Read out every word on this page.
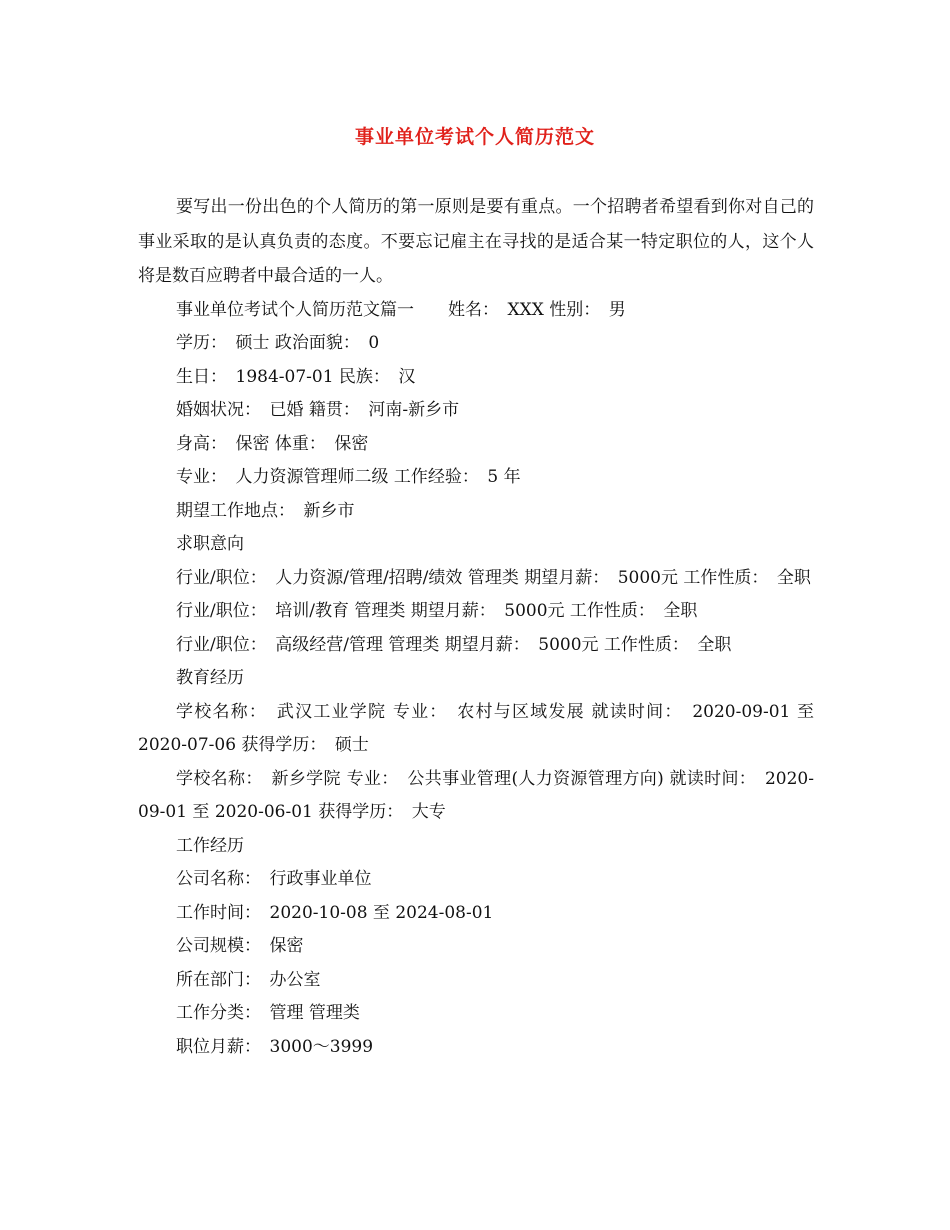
事业单位考试个人简历范文

要写出一份出色的个人简历的第一原则是要有重点。一个招聘者希望看到你对自己的事业采取的是认真负责的态度。不要忘记雇主在寻找的是适合某一特定职位的人，这个人将是数百应聘者中最合适的一人。

事业单位考试个人简历范文篇一　　姓名：　XXX 性别：　男

学历：　硕士 政治面貌：　0

生日：　1984-07-01 民族：　汉

婚姻状况：　已婚 籍贯：　河南-新乡市

身高：　保密 体重：　保密

专业：　人力资源管理师二级 工作经验：　5 年

期望工作地点：　新乡市

求职意向

行业/职位：　人力资源/管理/招聘/绩效 管理类 期望月薪：　5000元 工作性质：　全职

行业/职位：　培训/教育 管理类 期望月薪：　5000元 工作性质：　全职

行业/职位：　高级经营/管理 管理类 期望月薪：　5000元 工作性质：　全职

教育经历

学校名称：　武汉工业学院 专业：　农村与区域发展 就读时间：　2020-09-01 至 2020-07-06 获得学历：　硕士

学校名称：　新乡学院 专业：　公共事业管理(人力资源管理方向) 就读时间：　2020-09-01 至 2020-06-01 获得学历：　大专

工作经历

公司名称：　行政事业单位

工作时间：　2020-10-08 至 2024-08-01

公司规模：　保密

所在部门：　办公室

工作分类：　管理 管理类

职位月薪：　3000～3999
